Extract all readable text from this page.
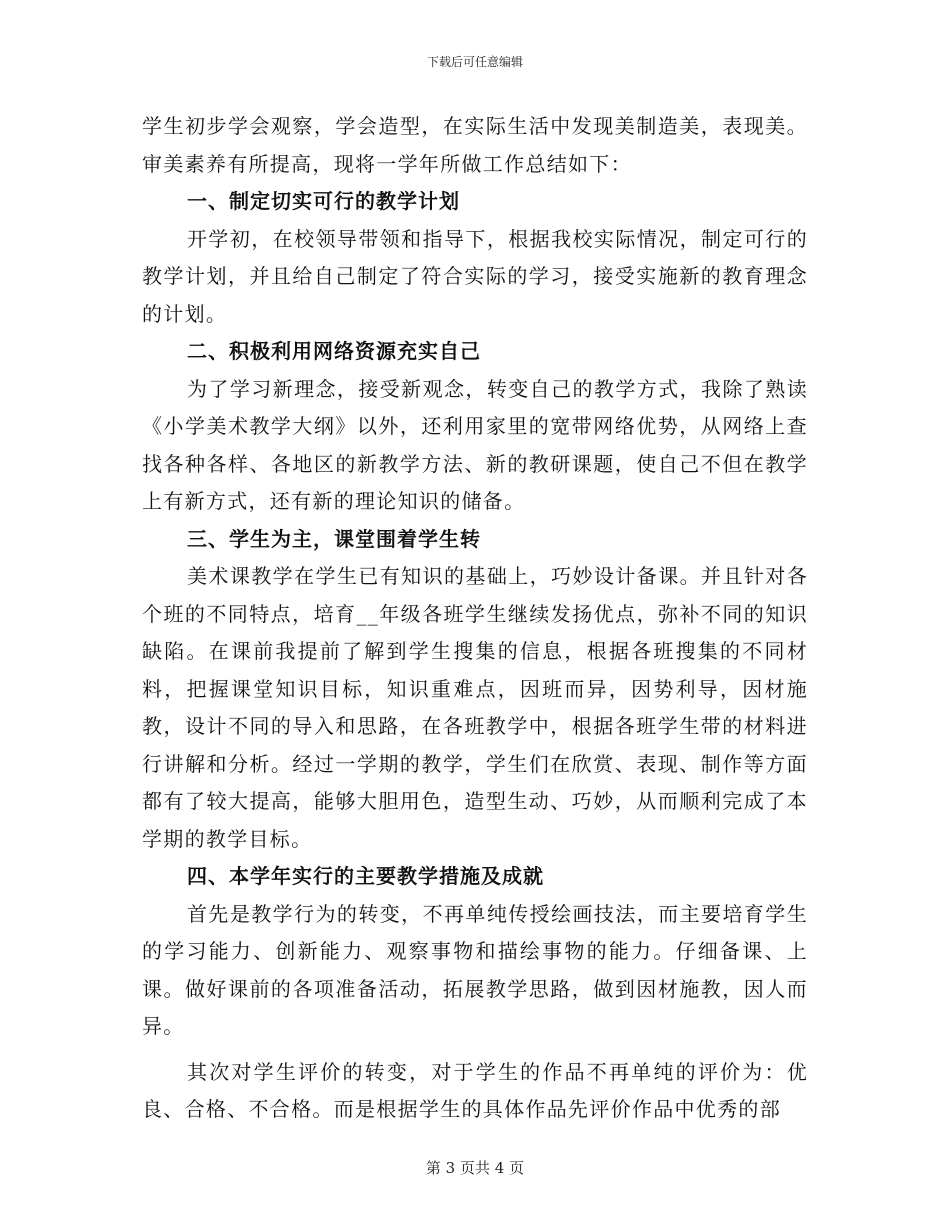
下载后可任意编辑

学生初步学会观察，学会造型，在实际生活中发现美制造美，表现美。审美素养有所提高，现将一学年所做工作总结如下：

一、制定切实可行的教学计划

开学初，在校领导带领和指导下，根据我校实际情况，制定可行的教学计划，并且给自己制定了符合实际的学习，接受实施新的教育理念的计划。

二、积极利用网络资源充实自己

为了学习新理念，接受新观念，转变自己的教学方式，我除了熟读《小学美术教学大纲》以外，还利用家里的宽带网络优势，从网络上查找各种各样、各地区的新教学方法、新的教研课题，使自己不但在教学上有新方式，还有新的理论知识的储备。

三、学生为主，课堂围着学生转

美术课教学在学生已有知识的基础上，巧妙设计备课。并且针对各个班的不同特点，培育__年级各班学生继续发扬优点，弥补不同的知识缺陷。在课前我提前了解到学生搜集的信息，根据各班搜集的不同材料，把握课堂知识目标，知识重难点，因班而异，因势利导，因材施教，设计不同的导入和思路，在各班教学中，根据各班学生带的材料进行讲解和分析。经过一学期的教学，学生们在欣赏、表现、制作等方面都有了较大提高，能够大胆用色，造型生动、巧妙，从而顺利完成了本学期的教学目标。

四、本学年实行的主要教学措施及成就

首先是教学行为的转变，不再单纯传授绘画技法，而主要培育学生的学习能力、创新能力、观察事物和描绘事物的能力。仔细备课、上课。做好课前的各项准备活动，拓展教学思路，做到因材施教，因人而异。

其次对学生评价的转变，对于学生的作品不再单纯的评价为：优良、合格、不合格。而是根据学生的具体作品先评价作品中优秀的部

第 3 页共 4 页
